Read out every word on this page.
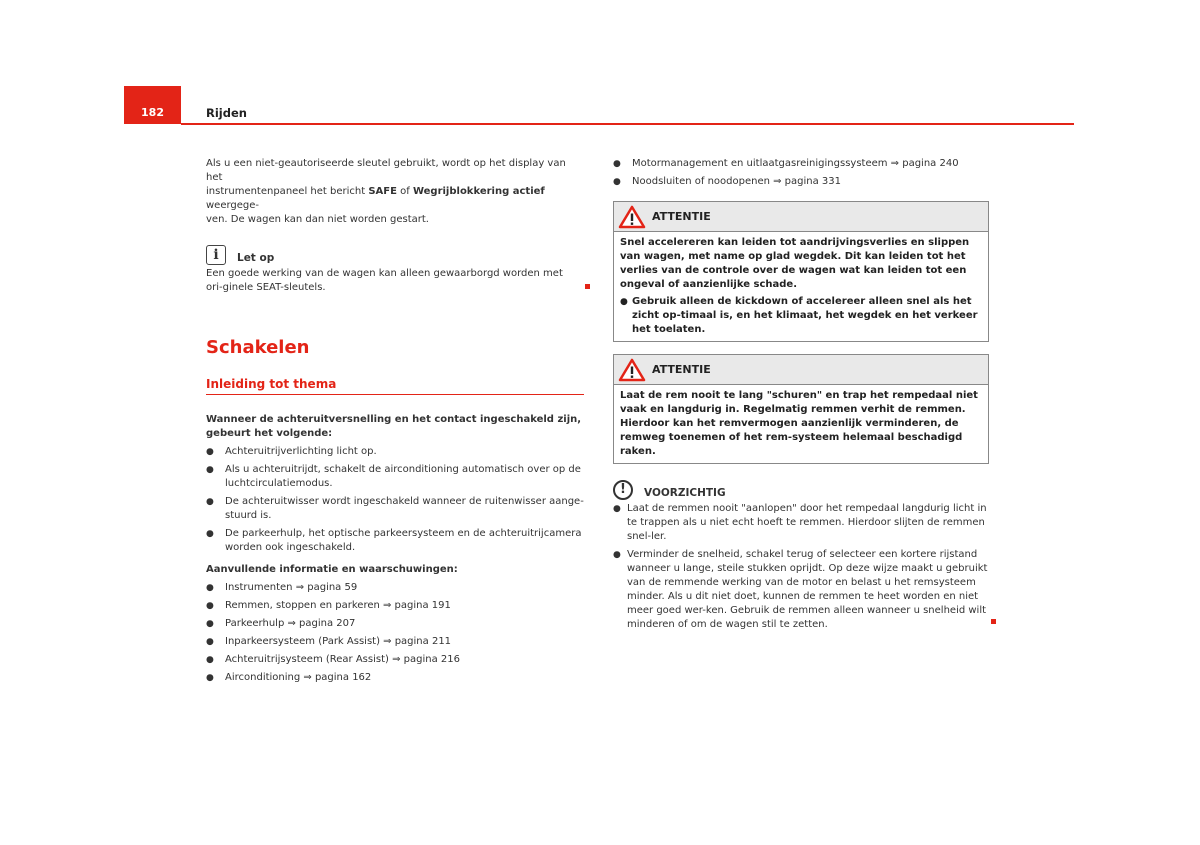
182	Rijden

Als u een niet-geautoriseerde sleutel gebruikt, wordt op het display van het
instrumentenpaneel het bericht SAFE of Wegrijblokkering actief weergege-
ven. De wagen kan dan niet worden gestart.

i	Let op

Een goede werking van de wagen kan alleen gewaarborgd worden met ori-ginele SEAT-sleutels.

Schakelen
Inleiding tot thema

Wanneer de achteruitversnelling en het contact ingeschakeld zijn, gebeurt het volgende:

●	Achteruitrijverlichting licht op.
●	Als u achteruitrijdt, schakelt de airconditioning automatisch over op de luchtcirculatiemodus.
●	De achteruitwisser wordt ingeschakeld wanneer de ruitenwisser aange-stuurd is.
●	De parkeerhulp, het optische parkeersysteem en de achteruitrijcamera worden ook ingeschakeld.

Aanvullende informatie en waarschuwingen:

●	Instrumenten ⇒ pagina 59
●	Remmen, stoppen en parkeren ⇒ pagina 191
●	Parkeerhulp ⇒ pagina 207
●	Inparkeersysteem (Park Assist) ⇒ pagina 211
●	Achteruitrijsysteem (Rear Assist) ⇒ pagina 216
●	Airconditioning ⇒ pagina 162
●	Motormanagement en uitlaatgasreinigingssysteem ⇒ pagina 240
●	Noodsluiten of noodopenen ⇒ pagina 331
ATTENTIE

Snel accelereren kan leiden tot aandrijvingsverlies en slippen van wagen, met name op glad wegdek. Dit kan leiden tot het verlies van de controle over de wagen wat kan leiden tot een ongeval of aanzienlijke schade.

● Gebruik alleen de kickdown of accelereer alleen snel als het zicht op-timaal is, en het klimaat, het wegdek en het verkeer het toelaten.
ATTENTIE

Laat de rem nooit te lang "schuren" en trap het rempedaal niet vaak en langdurig in. Regelmatig remmen verhit de remmen. Hierdoor kan het remvermogen aanzienlijk verminderen, de remweg toenemen of het rem-systeem helemaal beschadigd raken.

!	VOORZICHTIG
● Laat de remmen nooit "aanlopen" door het rempedaal langdurig licht in te trappen als u niet echt hoeft te remmen. Hierdoor slijten de remmen snel-ler.
● Verminder de snelheid, schakel terug of selecteer een kortere rijstand wanneer u lange, steile stukken oprijdt. Op deze wijze maakt u gebruikt van de remmende werking van de motor en belast u het remsysteem minder. Als u dit niet doet, kunnen de remmen te heet worden en niet meer goed wer-ken. Gebruik de remmen alleen wanneer u snelheid wilt minderen of om de wagen stil te zetten.
